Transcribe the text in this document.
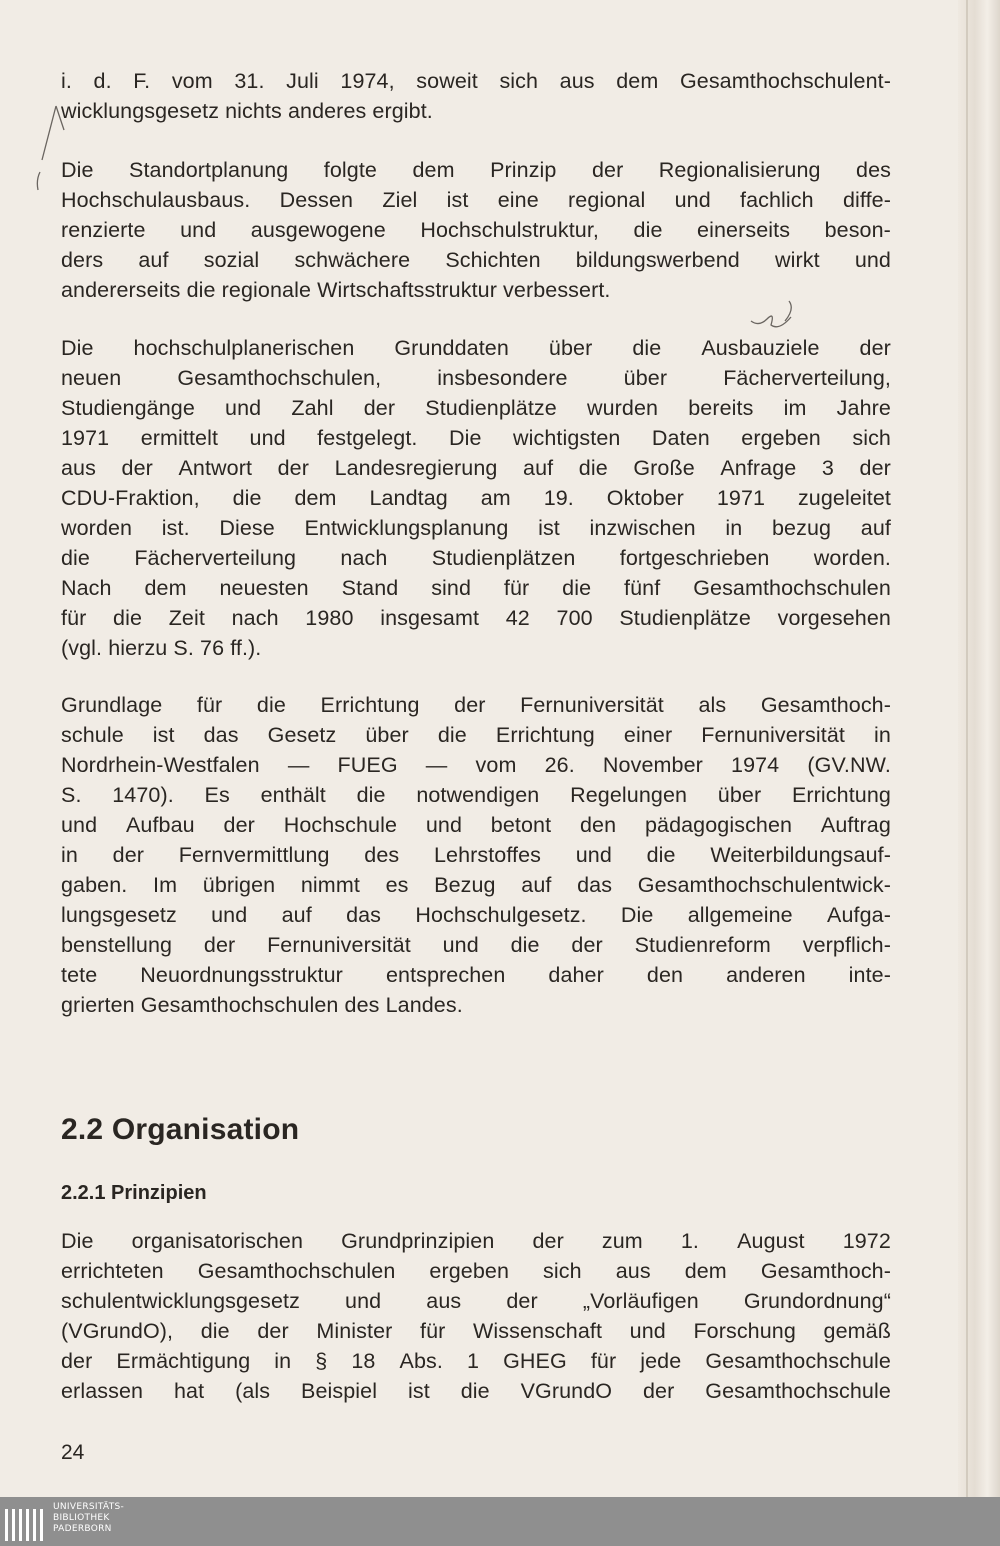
i. d. F. vom 31. Juli 1974, soweit sich aus dem Gesamthochschulent-
wicklungsgesetz nichts anderes ergibt.
Die Standortplanung folgte dem Prinzip der Regionalisierung des
Hochschulausbaus. Dessen Ziel ist eine regional und fachlich diffe-
renzierte und ausgewogene Hochschulstruktur, die einerseits beson-
ders auf sozial schwächere Schichten bildungswerbend wirkt und
andererseits die regionale Wirtschaftsstruktur verbessert.
Die hochschulplanerischen Grunddaten über die Ausbauziele der
neuen	Gesamthochschulen,	insbesondere	über	Fächerverteilung,
Studiengänge und Zahl der Studienplätze wurden bereits im Jahre
1971 ermittelt und festgelegt. Die wichtigsten Daten ergeben sich
aus der Antwort der Landesregierung auf die Große Anfrage 3 der
CDU-Fraktion, die dem Landtag am 19. Oktober 1971 zugeleitet
worden ist. Diese Entwicklungsplanung ist inzwischen in bezug auf
die Fächerverteilung nach Studienplätzen fortgeschrieben worden.
Nach dem neuesten Stand sind für die fünf Gesamthochschulen
für die Zeit nach 1980 insgesamt 42 700 Studienplätze vorgesehen
(vgl. hierzu S. 76 ff.).
Grundlage für die Errichtung der Fernuniversität als Gesamthoch-
schule ist das Gesetz über die Errichtung einer Fernuniversität in
Nordrhein-Westfalen — FUEG — vom 26. November 1974 (GV.NW.
S. 1470). Es enthält die notwendigen Regelungen über Errichtung
und Aufbau der Hochschule und betont den pädagogischen Auftrag
in der Fernvermittlung des Lehrstoffes und die Weiterbildungsauf-
gaben. Im übrigen nimmt es Bezug auf das Gesamthochschulentwick-
lungsgesetz und auf das Hochschulgesetz. Die allgemeine Aufga-
benstellung der Fernuniversität und die der Studienreform verpflich-
tete Neuordnungsstruktur entsprechen daher den anderen inte-
grierten Gesamthochschulen des Landes.
2.2 Organisation
2.2.1 Prinzipien
Die organisatorischen Grundprinzipien der zum 1. August 1972
errichteten Gesamthochschulen ergeben sich aus dem Gesamthoch-
schulentwicklungsgesetz und aus der „Vorläufigen Grundordnung“
(VGrundO), die der Minister für Wissenschaft und Forschung gemäß
der Ermächtigung in § 18 Abs. 1 GHEG für jede Gesamthochschule
erlassen hat (als Beispiel ist die VGrundO der Gesamthochschule
24
UNIVERSITÄTS-
BIBLIOTHEK
PADERBORN
